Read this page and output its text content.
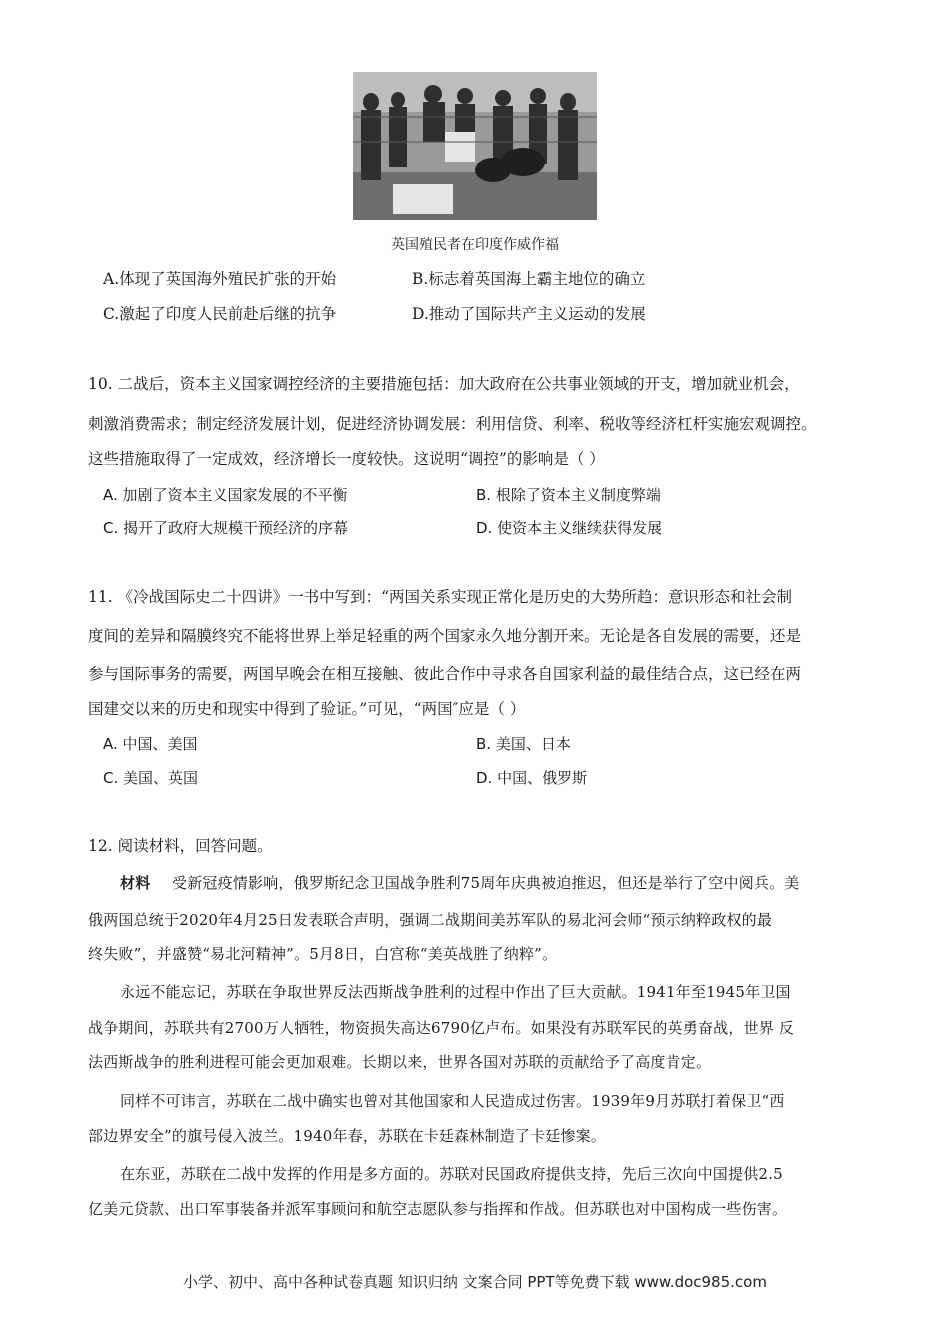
英国殖民者在印度作威作福
A.体现了英国海外殖民扩张的开始	B.标志着英国海上霸主地位的确立
C.激起了印度人民前赴后继的抗争	D.推动了国际共产主义运动的发展
10. 二战后，资本主义国家调控经济的主要措施包括：加大政府在公共事业领域的开支，增加就业机会，
刺激消费需求；制定经济发展计划，促进经济协调发展：利用信贷、利率、税收等经济杠杆实施宏观调控。
这些措施取得了一定成效，经济增长一度较快。这说明“调控”的影响是（ ）
A. 加剧了资本主义国家发展的不平衡	B. 根除了资本主义制度弊端
C. 揭开了政府大规模干预经济的序幕	D. 使资本主义继续获得发展
11. 《冷战国际史二十四讲》一书中写到：“两国关系实现正常化是历史的大势所趋：意识形态和社会制
度间的差异和隔膜终究不能将世界上举足轻重的两个国家永久地分割开来。无论是各自发展的需要，还是
参与国际事务的需要，两国早晚会在相互接触、彼此合作中寻求各自国家利益的最佳结合点，这已经在两
国建交以来的历史和现实中得到了验证。”可见，“两国″应是（ ）
A. 中国、美国	B. 美国、日本
C. 美国、英国	D. 中国、俄罗斯
12. 阅读材料，回答问题。
材料 受新冠疫情影响，俄罗斯纪念卫国战争胜利75周年庆典被迫推迟，但还是举行了空中阅兵。美
俄两国总统于2020年4月25日发表联合声明，强调二战期间美苏军队的易北河会师“预示纳粹政权的最
终失败”，并盛赞“易北河精神”。5月8日，白宫称“美英战胜了纳粹”。
永远不能忘记，苏联在争取世界反法西斯战争胜利的过程中作出了巨大贡献。1941年至1945年卫国
战争期间，苏联共有2700万人牺牲，物资损失高达6790亿卢布。如果没有苏联军民的英勇奋战，世界 反
法西斯战争的胜利进程可能会更加艰难。长期以来，世界各国对苏联的贡献给予了高度肯定。
同样不可讳言，苏联在二战中确实也曾对其他国家和人民造成过伤害。1939年9月苏联打着保卫“西
部边界安全”的旗号侵入波兰。1940年春，苏联在卡廷森林制造了卡廷惨案。
在东亚，苏联在二战中发挥的作用是多方面的。苏联对民国政府提供支持，先后三次向中国提供2.5
亿美元贷款、出口军事装备并派军事顾问和航空志愿队参与指挥和作战。但苏联也对中国构成一些伤害。
小学、初中、高中各种试卷真题 知识归纳 文案合同 PPT等免费下载 www.doc985.com
